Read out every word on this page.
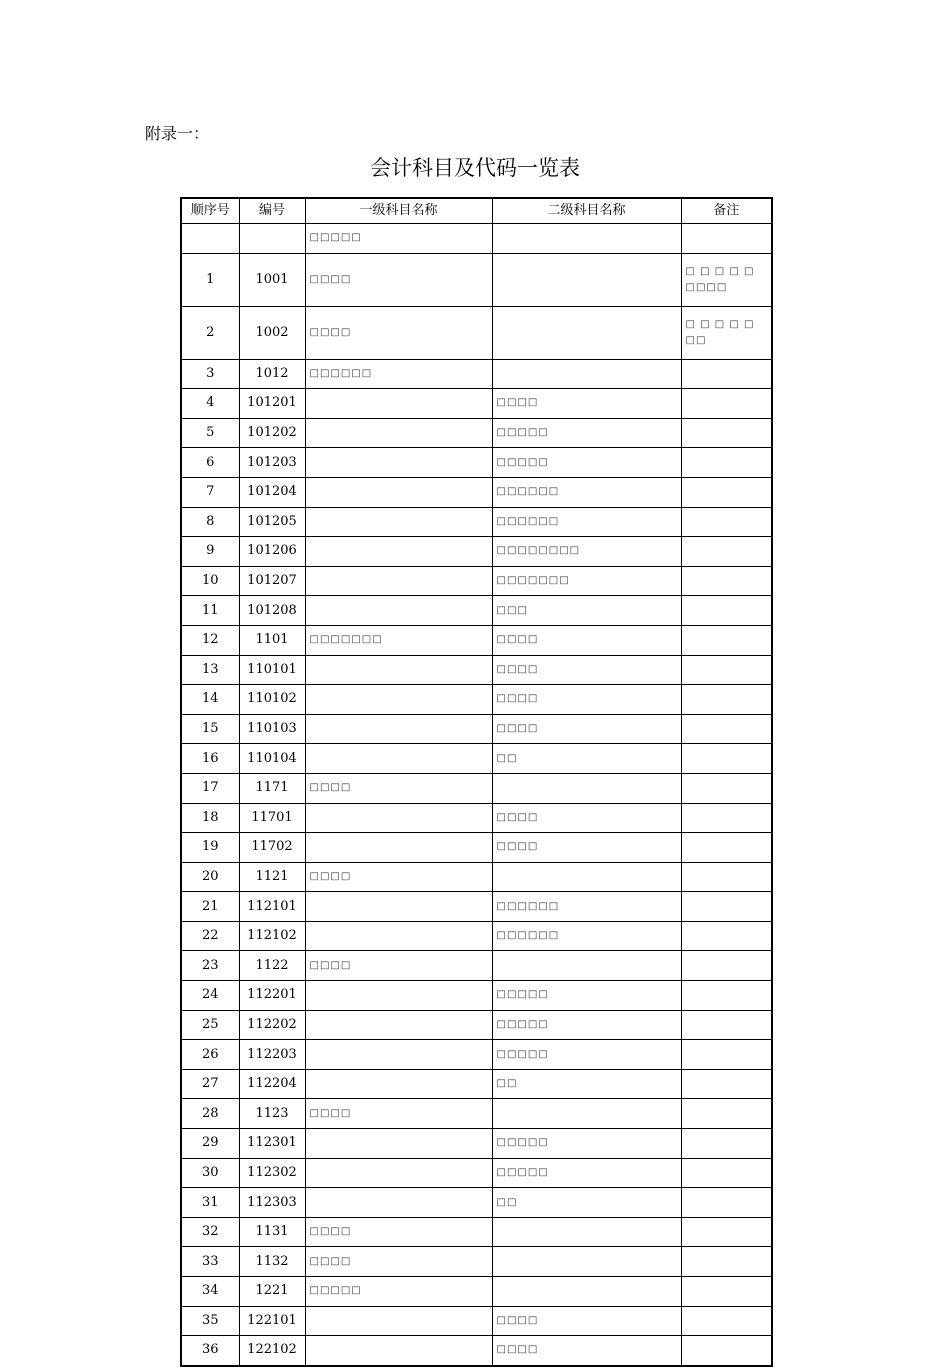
附录一：
会计科目及代码一览表
顺序号	编号	一级科目名称	二级科目名称	备注
		□□□□□		
1	1001	□□□□		□ □ □ □ □ □□□□
2	1002	□□□□		□ □ □ □ □ □□
3	1012	□□□□□□		
4	101201		□□□□	
5	101202		□□□□□	
6	101203		□□□□□	
7	101204		□□□□□□	
8	101205		□□□□□□	
9	101206		□□□□□□□□	
10	101207		□□□□□□□	
11	101208		□□□	
12	1101	□□□□□□□	□□□□	
13	110101		□□□□	
14	110102		□□□□	
15	110103		□□□□	
16	110104		□□	
17	1171	□□□□		
18	11701		□□□□	
19	11702		□□□□	
20	1121	□□□□		
21	112101		□□□□□□	
22	112102		□□□□□□	
23	1122	□□□□		
24	112201		□□□□□	
25	112202		□□□□□	
26	112203		□□□□□	
27	112204		□□	
28	1123	□□□□		
29	112301		□□□□□	
30	112302		□□□□□	
31	112303		□□	
32	1131	□□□□		
33	1132	□□□□		
34	1221	□□□□□		
35	122101		□□□□	
36	122102		□□□□	
